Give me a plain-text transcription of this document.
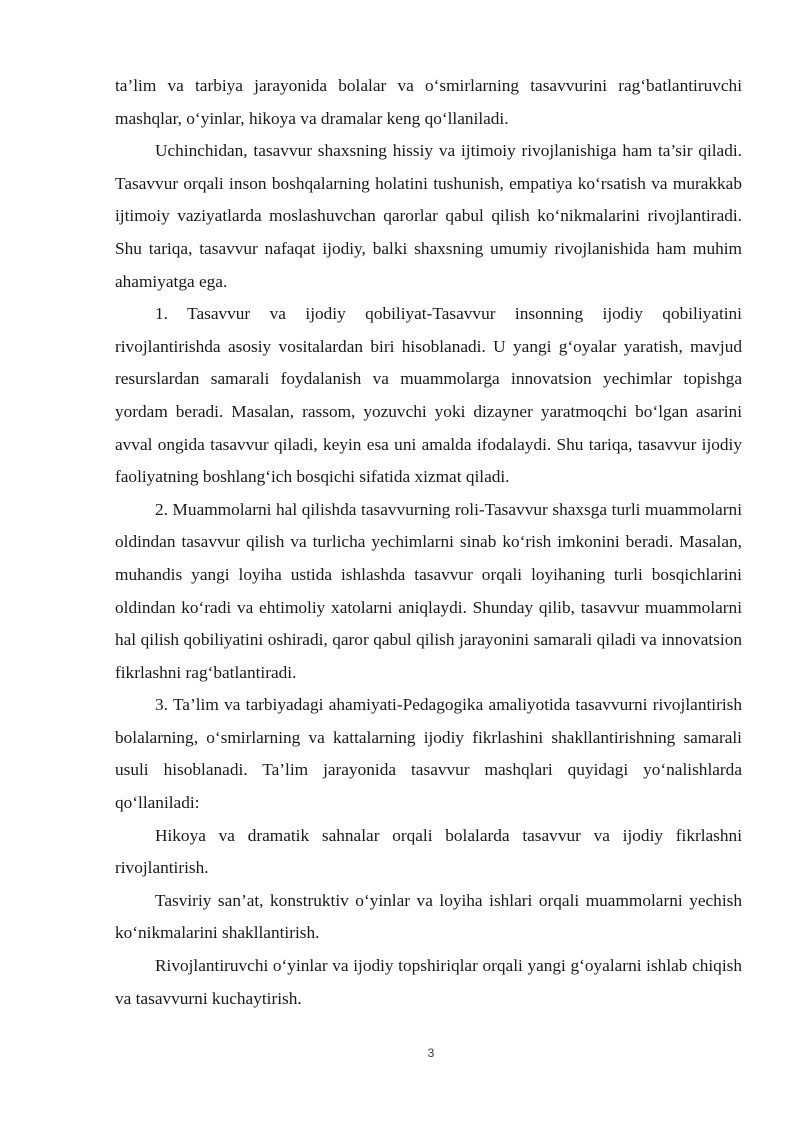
ta’lim va tarbiya jarayonida bolalar va o‘smirlarning tasavvurini rag‘batlantiruvchi mashqlar, o‘yinlar, hikoya va dramalar keng qo‘llaniladi.

Uchinchidan, tasavvur shaxsning hissiy va ijtimoiy rivojlanishiga ham ta’sir qiladi. Tasavvur orqali inson boshqalarning holatini tushunish, empatiya ko‘rsatish va murakkab ijtimoiy vaziyatlarda moslashuvchan qarorlar qabul qilish ko‘nikmalarini rivojlantiradi. Shu tariqa, tasavvur nafaqat ijodiy, balki shaxsning umumiy rivojlanishida ham muhim ahamiyatga ega.

1. Tasavvur va ijodiy qobiliyat-Tasavvur insonning ijodiy qobiliyatini rivojlantirishda asosiy vositalardan biri hisoblanadi. U yangi g‘oyalar yaratish, mavjud resurslardan samarali foydalanish va muammolarga innovatsion yechimlar topishga yordam beradi. Masalan, rassom, yozuvchi yoki dizayner yaratmoqchi bo‘lgan asarini avval ongida tasavvur qiladi, keyin esa uni amalda ifodalaydi. Shu tariqa, tasavvur ijodiy faoliyatning boshlang‘ich bosqichi sifatida xizmat qiladi.

2. Muammolarni hal qilishda tasavvurning roli-Tasavvur shaxsga turli muammolarni oldindan tasavvur qilish va turlicha yechimlarni sinab ko‘rish imkonini beradi. Masalan, muhandis yangi loyiha ustida ishlashda tasavvur orqali loyihaning turli bosqichlarini oldindan ko‘radi va ehtimoliy xatolarni aniqlaydi. Shunday qilib, tasavvur muammolarni hal qilish qobiliyatini oshiradi, qaror qabul qilish jarayonini samarali qiladi va innovatsion fikrlashni rag‘batlantiradi.

3. Ta’lim va tarbiyadagi ahamiyati-Pedagogika amaliyotida tasavvurni rivojlantirish bolalarning, o‘smirlarning va kattalarning ijodiy fikrlashini shakllantirishning samarali usuli hisoblanadi. Ta’lim jarayonida tasavvur mashqlari quyidagi yo‘nalishlarda qo‘llaniladi:

Hikoya va dramatik sahnalar orqali bolalarda tasavvur va ijodiy fikrlashni rivojlantirish.

Tasviriy san’at, konstruktiv o‘yinlar va loyiha ishlari orqali muammolarni yechish ko‘nikmalarini shakllantirish.

Rivojlantiruvchi o‘yinlar va ijodiy topshiriqlar orqali yangi g‘oyalarni ishlab chiqish va tasavvurni kuchaytirish.

3
